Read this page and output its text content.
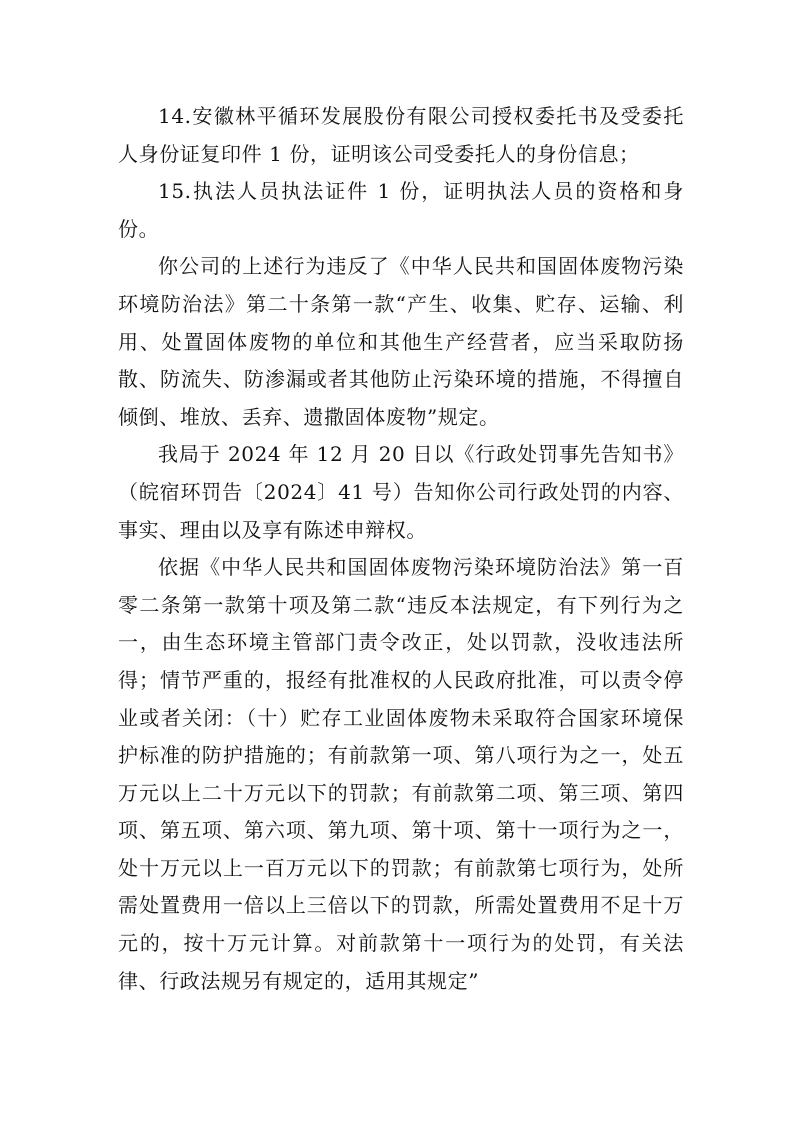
14.安徽林平循环发展股份有限公司授权委托书及受委托人身份证复印件 1 份，证明该公司受委托人的身份信息；

15.执法人员执法证件 1 份，证明执法人员的资格和身份。

你公司的上述行为违反了《中华人民共和国固体废物污染环境防治法》第二十条第一款“产生、收集、贮存、运输、利用、处置固体废物的单位和其他生产经营者，应当采取防扬散、防流失、防渗漏或者其他防止污染环境的措施，不得擅自倾倒、堆放、丢弃、遗撒固体废物”规定。

我局于 2024 年 12 月 20 日以《行政处罚事先告知书》（皖宿环罚告〔2024〕41 号）告知你公司行政处罚的内容、事实、理由以及享有陈述申辩权。

依据《中华人民共和国固体废物污染环境防治法》第一百零二条第一款第十项及第二款“违反本法规定，有下列行为之一，由生态环境主管部门责令改正，处以罚款，没收违法所得；情节严重的，报经有批准权的人民政府批准，可以责令停业或者关闭：（十）贮存工业固体废物未采取符合国家环境保护标准的防护措施的；有前款第一项、第八项行为之一，处五万元以上二十万元以下的罚款；有前款第二项、第三项、第四项、第五项、第六项、第九项、第十项、第十一项行为之一，处十万元以上一百万元以下的罚款；有前款第七项行为，处所需处置费用一倍以上三倍以下的罚款，所需处置费用不足十万元的，按十万元计算。对前款第十一项行为的处罚，有关法律、行政法规另有规定的，适用其规定”
